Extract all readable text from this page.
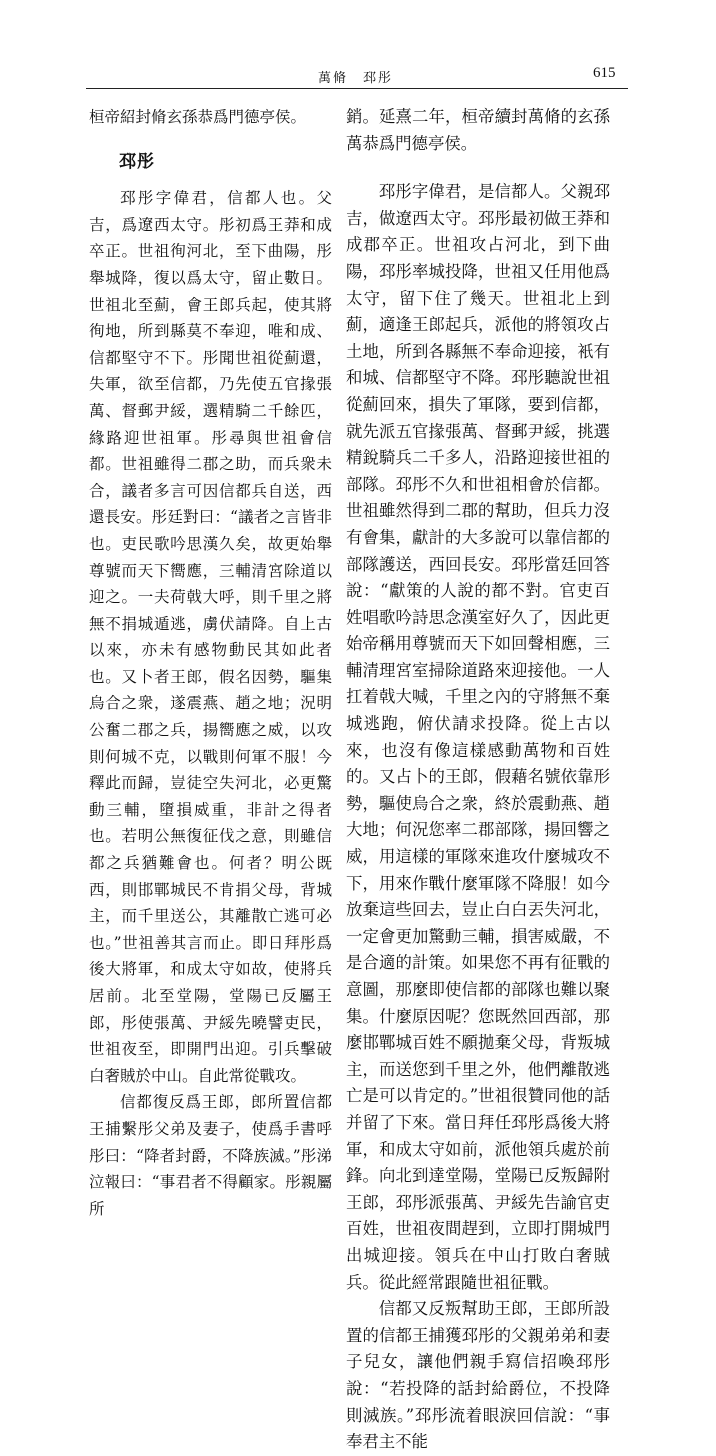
萬脩　邳彤	615

桓帝紹封脩玄孫恭爲門德亭侯。

邳彤

邳彤字偉君，信都人也。父吉，爲遼西太守。彤初爲王莽和成卒正。世祖徇河北，至下曲陽，彤舉城降，復以爲太守，留止數日。世祖北至薊，會王郎兵起，使其將徇地，所到縣莫不奉迎，唯和成、信都堅守不下。彤聞世祖從薊還，失軍，欲至信都，乃先使五官掾張萬、督郵尹綏，選精騎二千餘匹，緣路迎世祖軍。彤尋與世祖會信都。世祖雖得二郡之助，而兵衆未合，議者多言可因信都兵自送，西還長安。彤廷對曰：“議者之言皆非也。吏民歌吟思漢久矣，故更始舉尊號而天下嚮應，三輔清宮除道以迎之。一夫荷戟大呼，則千里之將無不捐城遁逃，虜伏請降。自上古以來，亦未有感物動民其如此者也。又卜者王郎，假名因勢，驅集烏合之衆，遂震燕、趙之地；況明公奮二郡之兵，揚嚮應之威，以攻則何城不克，以戰則何軍不服！今釋此而歸，豈徒空失河北，必更驚動三輔，墮損威重，非計之得者也。若明公無復征伐之意，則雖信都之兵猶難會也。何者？明公既西，則邯鄲城民不肯捐父母，背城主，而千里送公，其離散亡逃可必也。”世祖善其言而止。即日拜彤爲後大將軍，和成太守如故，使將兵居前。北至堂陽，堂陽已反屬王郎，彤使張萬、尹綏先曉譬吏民，世祖夜至，即開門出迎。引兵擊破白奢賊於中山。自此常從戰攻。

信都復反爲王郎，郎所置信都王捕繫彤父弟及妻子，使爲手書呼彤曰：“降者封爵，不降族滅。”彤涕泣報曰：“事君者不得顧家。彤親屬所

銷。延熹二年，桓帝續封萬脩的玄孫萬恭爲門德亭侯。

邳彤字偉君，是信都人。父親邳吉，做遼西太守。邳彤最初做王莽和成郡卒正。世祖攻占河北，到下曲陽，邳彤率城投降，世祖又任用他爲太守，留下住了幾天。世祖北上到薊，適逢王郎起兵，派他的將領攻占土地，所到各縣無不奉命迎接，衹有和城、信都堅守不降。邳彤聽說世祖從薊回來，損失了軍隊，要到信都，就先派五官掾張萬、督郵尹綏，挑選精銳騎兵二千多人，沿路迎接世祖的部隊。邳彤不久和世祖相會於信都。世祖雖然得到二郡的幫助，但兵力沒有會集，獻計的大多說可以靠信都的部隊護送，西回長安。邳彤當廷回答說：“獻策的人說的都不對。官吏百姓唱歌吟詩思念漢室好久了，因此更始帝稱用尊號而天下如回聲相應，三輔清理宮室掃除道路來迎接他。一人扛着戟大喊，千里之內的守將無不棄城逃跑，俯伏請求投降。從上古以來，也沒有像這樣感動萬物和百姓的。又占卜的王郎，假藉名號依靠形勢，驅使烏合之衆，終於震動燕、趙大地；何況您率二郡部隊，揚回響之威，用這樣的軍隊來進攻什麼城攻不下，用來作戰什麼軍隊不降服！如今放棄這些回去，豈止白白丟失河北，一定會更加驚動三輔，損害威嚴，不是合適的計策。如果您不再有征戰的意圖，那麼即使信都的部隊也難以聚集。什麼原因呢？您既然回西部，那麼邯鄲城百姓不願拋棄父母，背叛城主，而送您到千里之外，他們離散逃亡是可以肯定的。”世祖很贊同他的話并留了下來。當日拜任邳彤爲後大將軍，和成太守如前，派他領兵處於前鋒。向北到達堂陽，堂陽已反叛歸附王郎，邳彤派張萬、尹綏先告諭官吏百姓，世祖夜間趕到，立即打開城門出城迎接。領兵在中山打敗白奢賊兵。從此經常跟隨世祖征戰。

信都又反叛幫助王郎，王郎所設置的信都王捕獲邳彤的父親弟弟和妻子兒女，讓他們親手寫信招喚邳彤說：“若投降的話封給爵位，不投降則滅族。”邳彤流着眼淚回信說：“事奉君主不能
